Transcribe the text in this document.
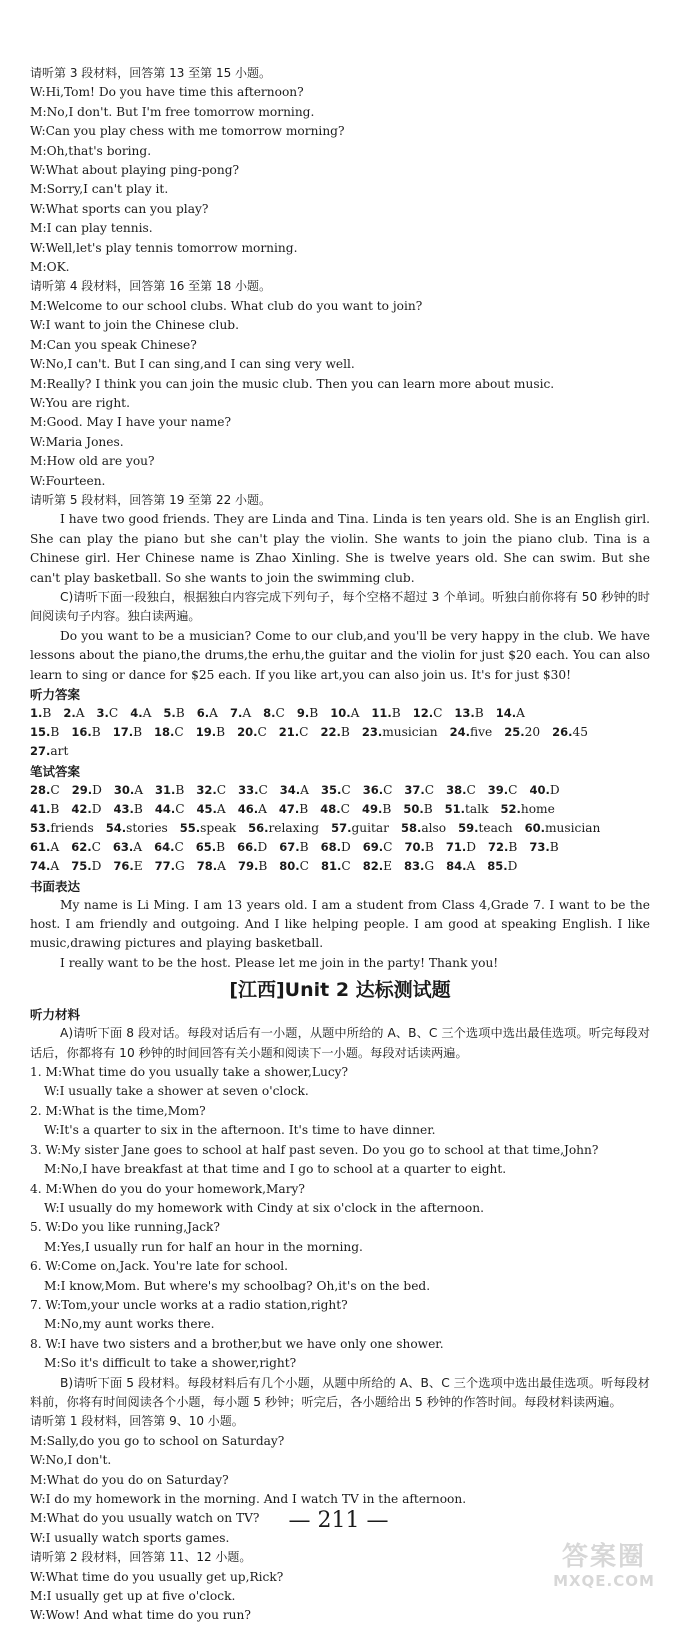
请听第 3 段材料，回答第 13 至第 15 小题。
W:Hi,Tom! Do you have time this afternoon?
M:No,I don't. But I'm free tomorrow morning.
W:Can you play chess with me tomorrow morning?
M:Oh,that's boring.
W:What about playing ping-pong?
M:Sorry,I can't play it.
W:What sports can you play?
M:I can play tennis.
W:Well,let's play tennis tomorrow morning.
M:OK.
请听第 4 段材料，回答第 16 至第 18 小题。
M:Welcome to our school clubs. What club do you want to join?
W:I want to join the Chinese club.
M:Can you speak Chinese?
W:No,I can't. But I can sing,and I can sing very well.
M:Really? I think you can join the music club. Then you can learn more about music.
W:You are right.
M:Good. May I have your name?
W:Maria Jones.
M:How old are you?
W:Fourteen.
请听第 5 段材料，回答第 19 至第 22 小题。
I have two good friends. They are Linda and Tina. Linda is ten years old. She is an English girl. She can play the piano but she can't play the violin. She wants to join the piano club. Tina is a Chinese girl. Her Chinese name is Zhao Xinling. She is twelve years old. She can swim. But she can't play basketball. So she wants to join the swimming club.
C)请听下面一段独白，根据独白内容完成下列句子，每个空格不超过 3 个单词。听独白前你将有 50 秒钟的时间阅读句子内容。独白读两遍。
Do you want to be a musician? Come to our club,and you'll be very happy in the club. We have lessons about the piano,the drums,the erhu,the guitar and the violin for just $20 each. You can also learn to sing or dance for $25 each. If you like art,you can also join us. It's for just $30!
听力答案
1.B 2.A 3.C 4.A 5.B 6.A 7.A 8.C 9.B 10.A 11.B 12.C 13.B 14.A
15.B 16.B 17.B 18.C 19.B 20.C 21.C 22.B 23.musician 24.five 25.20 26.45
27.art
笔试答案
28.C 29.D 30.A 31.B 32.C 33.C 34.A 35.C 36.C 37.C 38.C 39.C 40.D
41.B 42.D 43.B 44.C 45.A 46.A 47.B 48.C 49.B 50.B 51.talk 52.home
53.friends 54.stories 55.speak 56.relaxing 57.guitar 58.also 59.teach 60.musician
61.A 62.C 63.A 64.C 65.B 66.D 67.B 68.D 69.C 70.B 71.D 72.B 73.B
74.A 75.D 76.E 77.G 78.A 79.B 80.C 81.C 82.E 83.G 84.A 85.D
书面表达
My name is Li Ming. I am 13 years old. I am a student from Class 4,Grade 7. I want to be the host. I am friendly and outgoing. And I like helping people. I am good at speaking English. I like music,drawing pictures and playing basketball.
I really want to be the host. Please let me join in the party! Thank you!
[江西]Unit 2 达标测试题
听力材料
A)请听下面 8 段对话。每段对话后有一小题，从题中所给的 A、B、C 三个选项中选出最佳选项。听完每段对话后，你都将有 10 秒钟的时间回答有关小题和阅读下一小题。每段对话读两遍。
1. M:What time do you usually take a shower,Lucy?
W:I usually take a shower at seven o'clock.
2. M:What is the time,Mom?
W:It's a quarter to six in the afternoon. It's time to have dinner.
3. W:My sister Jane goes to school at half past seven. Do you go to school at that time,John?
M:No,I have breakfast at that time and I go to school at a quarter to eight.
4. M:When do you do your homework,Mary?
W:I usually do my homework with Cindy at six o'clock in the afternoon.
5. W:Do you like running,Jack?
M:Yes,I usually run for half an hour in the morning.
6. W:Come on,Jack. You're late for school.
M:I know,Mom. But where's my schoolbag? Oh,it's on the bed.
7. W:Tom,your uncle works at a radio station,right?
M:No,my aunt works there.
8. W:I have two sisters and a brother,but we have only one shower.
M:So it's difficult to take a shower,right?
B)请听下面 5 段材料。每段材料后有几个小题，从题中所给的 A、B、C 三个选项中选出最佳选项。听每段材料前，你将有时间阅读各个小题，每小题 5 秒钟；听完后，各小题给出 5 秒钟的作答时间。每段材料读两遍。
请听第 1 段材料，回答第 9、10 小题。
M:Sally,do you go to school on Saturday?
W:No,I don't.
M:What do you do on Saturday?
W:I do my homework in the morning. And I watch TV in the afternoon.
M:What do you usually watch on TV?
W:I usually watch sports games.
请听第 2 段材料，回答第 11、12 小题。
W:What time do you usually get up,Rick?
M:I usually get up at five o'clock.
W:Wow! And what time do you run?
— 211 —
答案圈
MXQE.COM
